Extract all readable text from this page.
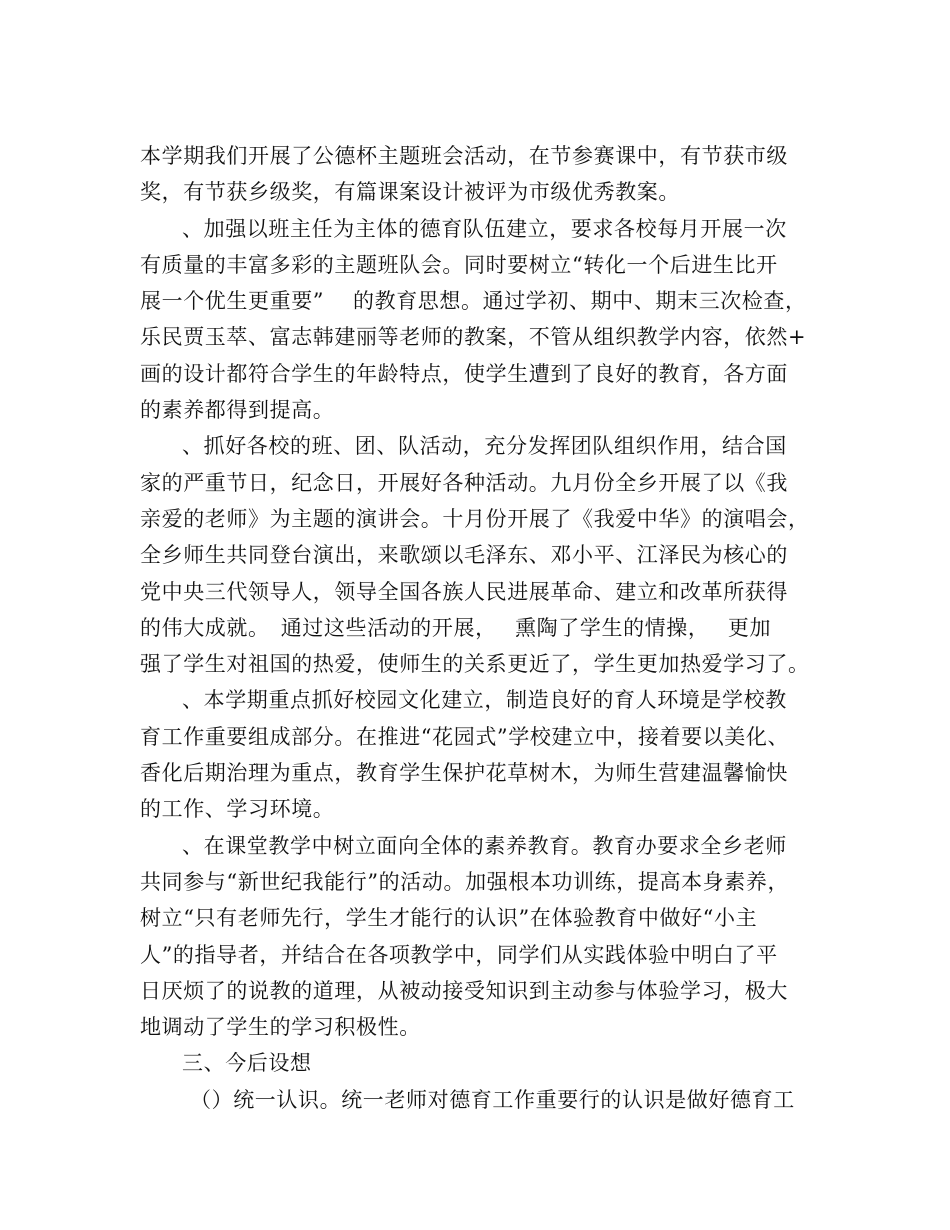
本学期我们开展了公德杯主题班会活动，在节参赛课中，有节获市级
奖，有节获乡级奖，有篇课案设计被评为市级优秀教案。
、加强以班主任为主体的德育队伍建立，要求各校每月开展一次
有质量的丰富多彩的主题班队会。同时要树立“转化一个后进生比开
展一个优生更重要”　 的教育思想。通过学初、期中、期末三次检查，
乐民贾玉萃、富志韩建丽等老师的教案，不管从组织教学内容，依然+
画的设计都符合学生的年龄特点，使学生遭到了良好的教育，各方面
的素养都得到提高。
、抓好各校的班、团、队活动，充分发挥团队组织作用，结合国
家的严重节日，纪念日，开展好各种活动。九月份全乡开展了以《我
亲爱的老师》为主题的演讲会。十月份开展了《我爱中华》的演唱会，
全乡师生共同登台演出，来歌颂以毛泽东、邓小平、江泽民为核心的
党中央三代领导人，领导全国各族人民进展革命、建立和改革所获得
的伟大成就。　通过这些活动的开展，　 熏陶了学生的情操，　 更加
强了学生对祖国的热爱，使师生的关系更近了，学生更加热爱学习了。
、本学期重点抓好校园文化建立，制造良好的育人环境是学校教
育工作重要组成部分。在推进“花园式”学校建立中，接着要以美化、
香化后期治理为重点，教育学生保护花草树木，为师生营建温馨愉快
的工作、学习环境。
、在课堂教学中树立面向全体的素养教育。教育办要求全乡老师
共同参与“新世纪我能行”的活动。加强根本功训练，提高本身素养，
树立“只有老师先行，学生才能行的认识”在体验教育中做好“小主
人”的指导者，并结合在各项教学中，同学们从实践体验中明白了平
日厌烦了的说教的道理，从被动接受知识到主动参与体验学习，极大
地调动了学生的学习积极性。
三、今后设想
（）统一认识。统一老师对德育工作重要行的认识是做好德育工
